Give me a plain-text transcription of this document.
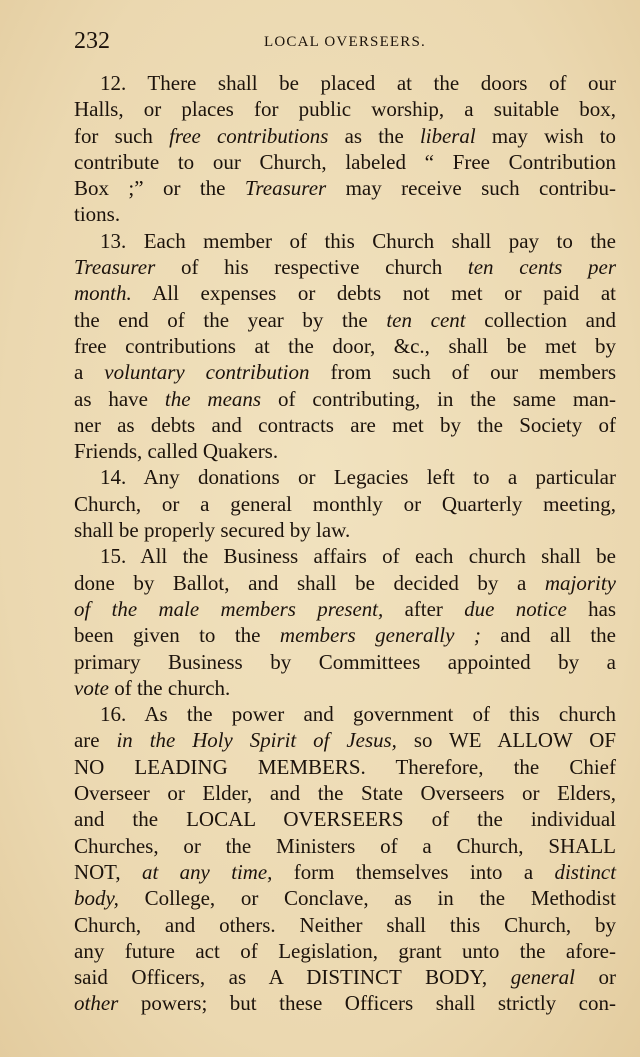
232	LOCAL OVERSEERS.
12. There shall be placed at the doors of our
Halls, or places for public worship, a suitable box,
for such free contributions as the liberal may wish to
contribute to our Church, labeled “ Free Contribution
Box ;” or the Treasurer may receive such contribu-
tions.
13. Each member of this Church shall pay to the
Treasurer of his respective church ten cents per
month. All expenses or debts not met or paid at
the end of the year by the ten cent collection and
free contributions at the door, &c., shall be met by
a voluntary contribution from such of our members
as have the means of contributing, in the same man-
ner as debts and contracts are met by the Society of
Friends, called Quakers.
14. Any donations or Legacies left to a particular
Church, or a general monthly or Quarterly meeting,
shall be properly secured by law.
15. All the Business affairs of each church shall be
done by Ballot, and shall be decided by a majority
of the male members present, after due notice has
been given to the members generally ; and all the
primary Business by Committees appointed by a
vote of the church.
16. As the power and government of this church
are in the Holy Spirit of Jesus, so WE ALLOW OF
NO LEADING MEMBERS. Therefore, the Chief
Overseer or Elder, and the State Overseers or Elders,
and the LOCAL OVERSEERS of the individual
Churches, or the Ministers of a Church, SHALL
NOT, at any time, form themselves into a distinct
body, College, or Conclave, as in the Methodist
Church, and others. Neither shall this Church, by
any future act of Legislation, grant unto the afore-
said Officers, as A DISTINCT BODY, general or
other powers; but these Officers shall strictly con-
